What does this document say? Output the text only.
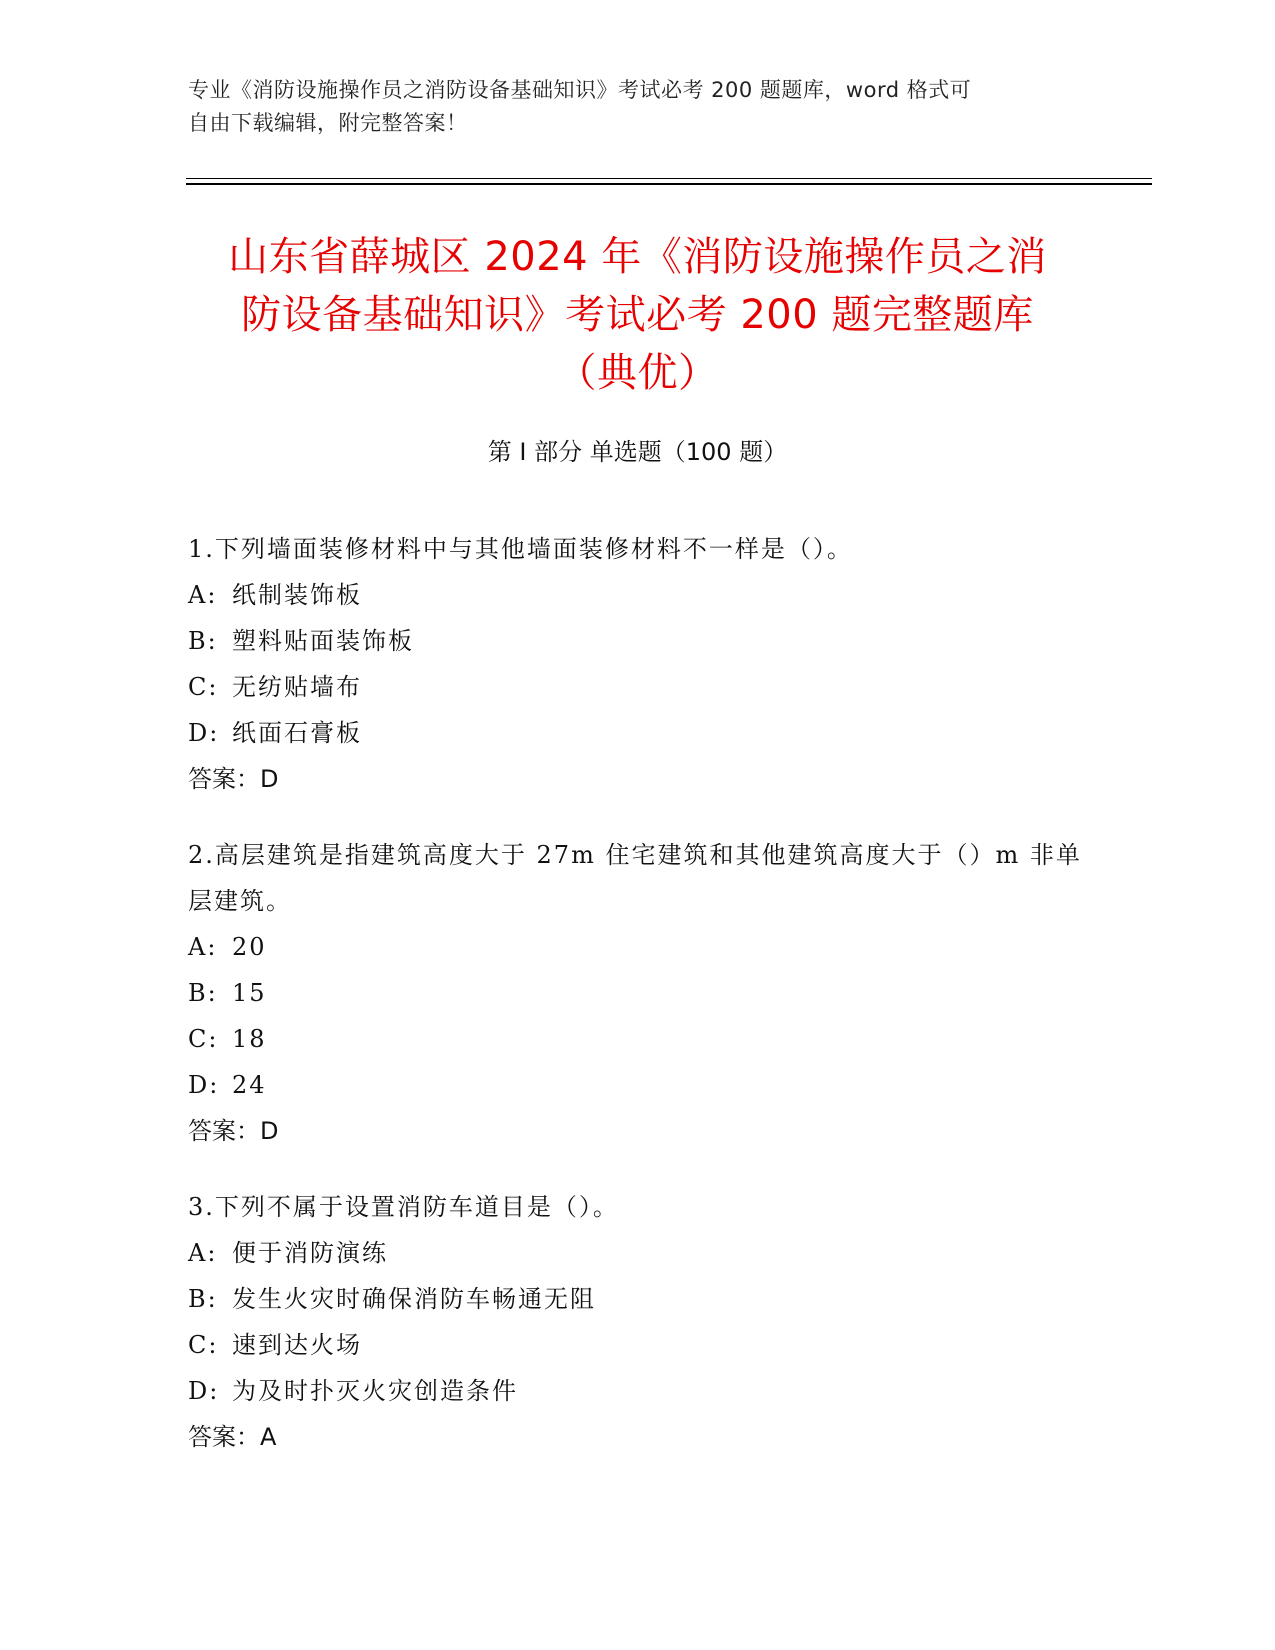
专业《消防设施操作员之消防设备基础知识》考试必考 200 题题库，word 格式可
自由下载编辑，附完整答案！
山东省薛城区 2024 年《消防设施操作员之消
防设备基础知识》考试必考 200 题完整题库
（典优）
第 I 部分 单选题（100 题）
1.下列墙面装修材料中与其他墙面装修材料不一样是（）。
A: 纸制装饰板
B: 塑料贴面装饰板
C: 无纺贴墙布
D: 纸面石膏板
答案：D
2.高层建筑是指建筑高度大于 27m 住宅建筑和其他建筑高度大于（）m 非单层建筑。
A: 20
B: 15
C: 18
D: 24
答案：D
3.下列不属于设置消防车道目是（）。
A: 便于消防演练
B: 发生火灾时确保消防车畅通无阻
C: 速到达火场
D: 为及时扑灭火灾创造条件
答案：A
